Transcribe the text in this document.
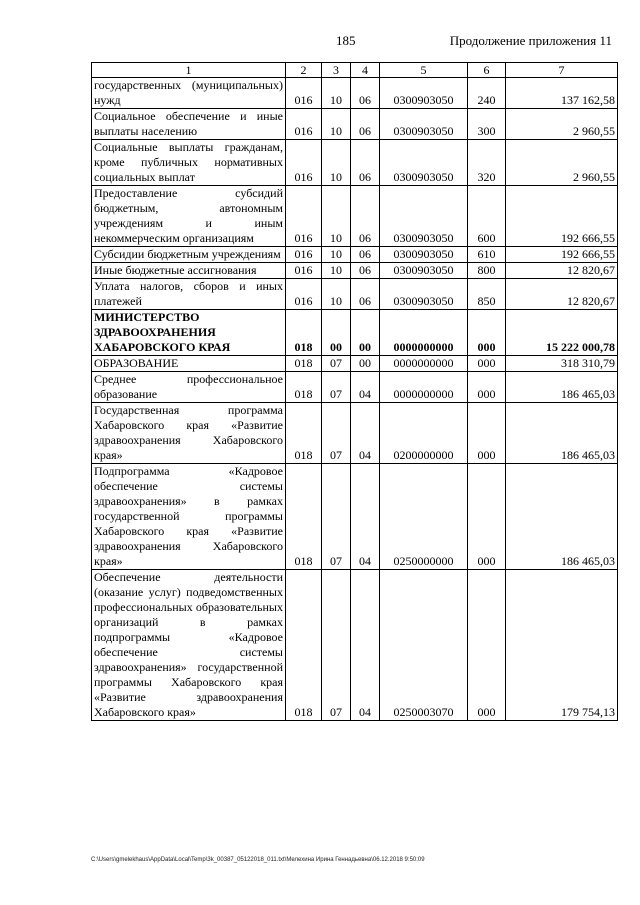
185	Продолжение приложения 11
1	2	3	4	5	6	7
государственных (муниципальных) нужд	016	10	06	0300903050	240	137 162,58
Социальное обеспечение и иные выплаты населению	016	10	06	0300903050	300	2 960,55
Социальные выплаты гражданам, кроме публичных нормативных социальных выплат	016	10	06	0300903050	320	2 960,55
Предоставление субсидий бюджетным, автономным учреждениям и иным некоммерческим организациям	016	10	06	0300903050	600	192 666,55
Субсидии бюджетным учреждениям	016	10	06	0300903050	610	192 666,55
Иные бюджетные ассигнования	016	10	06	0300903050	800	12 820,67
Уплата налогов, сборов и иных платежей	016	10	06	0300903050	850	12 820,67
МИНИСТЕРСТВО ЗДРАВООХРАНЕНИЯ ХАБАРОВСКОГО КРАЯ	018	00	00	0000000000	000	15 222 000,78
ОБРАЗОВАНИЕ	018	07	00	0000000000	000	318 310,79
Среднее профессиональное образование	018	07	04	0000000000	000	186 465,03
Государственная программа Хабаровского края «Развитие здравоохранения Хабаровского края»	018	07	04	0200000000	000	186 465,03
Подпрограмма «Кадровое обеспечение системы здравоохранения» в рамках государственной программы Хабаровского края «Развитие здравоохранения Хабаровского края»	018	07	04	0250000000	000	186 465,03
Обеспечение деятельности (оказание услуг) подведомственных профессиональных образовательных организаций в рамках подпрограммы «Кадровое обеспечение системы здравоохранения» государственной программы Хабаровского края «Развитие здравоохранения Хабаровского края»	018	07	04	0250003070	000	179 754,13
C:\Users\gmelekhaus\AppData\Local\Temp\3k_00387_05122018_011.txt\Мелехина Ирина Геннадьевна\06.12.2018 9:50:09
